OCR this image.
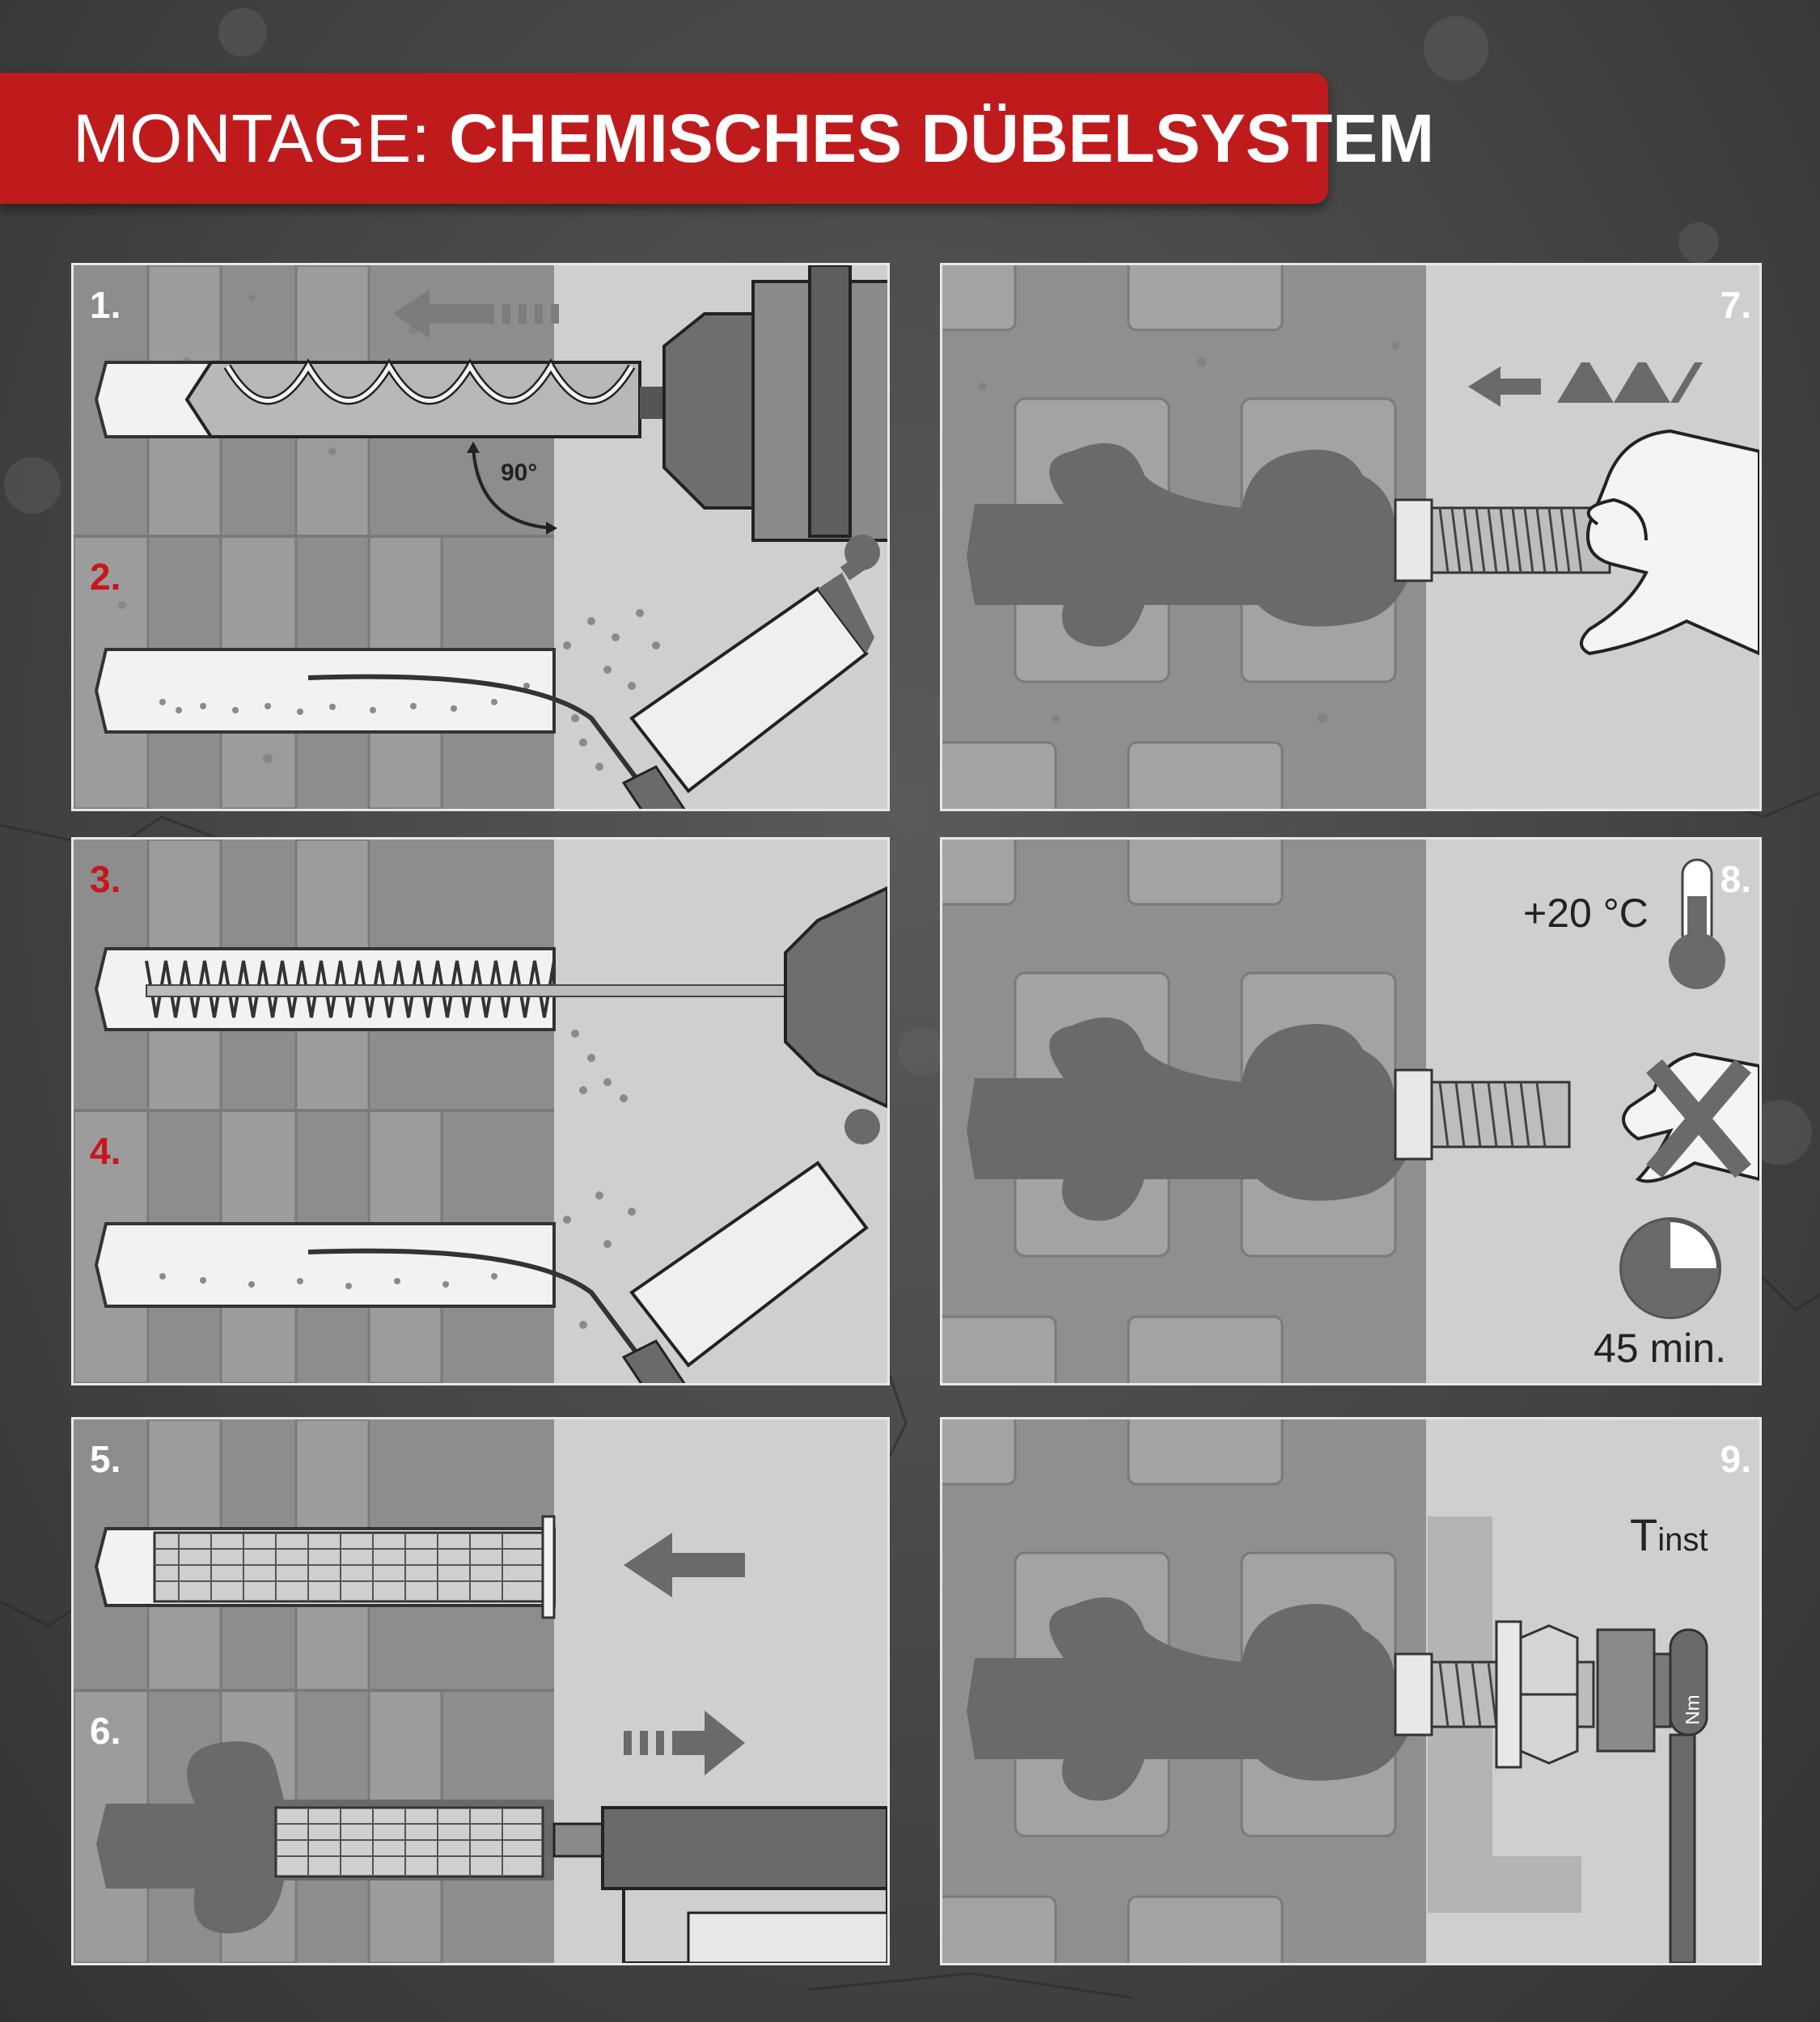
MONTAGE: CHEMISCHES DÜBELSYSTEM
1.
2.
90°
7.
3.
4.
8.
+20 °C
45 min.
5.
6.
9.
Tinst
Nm
